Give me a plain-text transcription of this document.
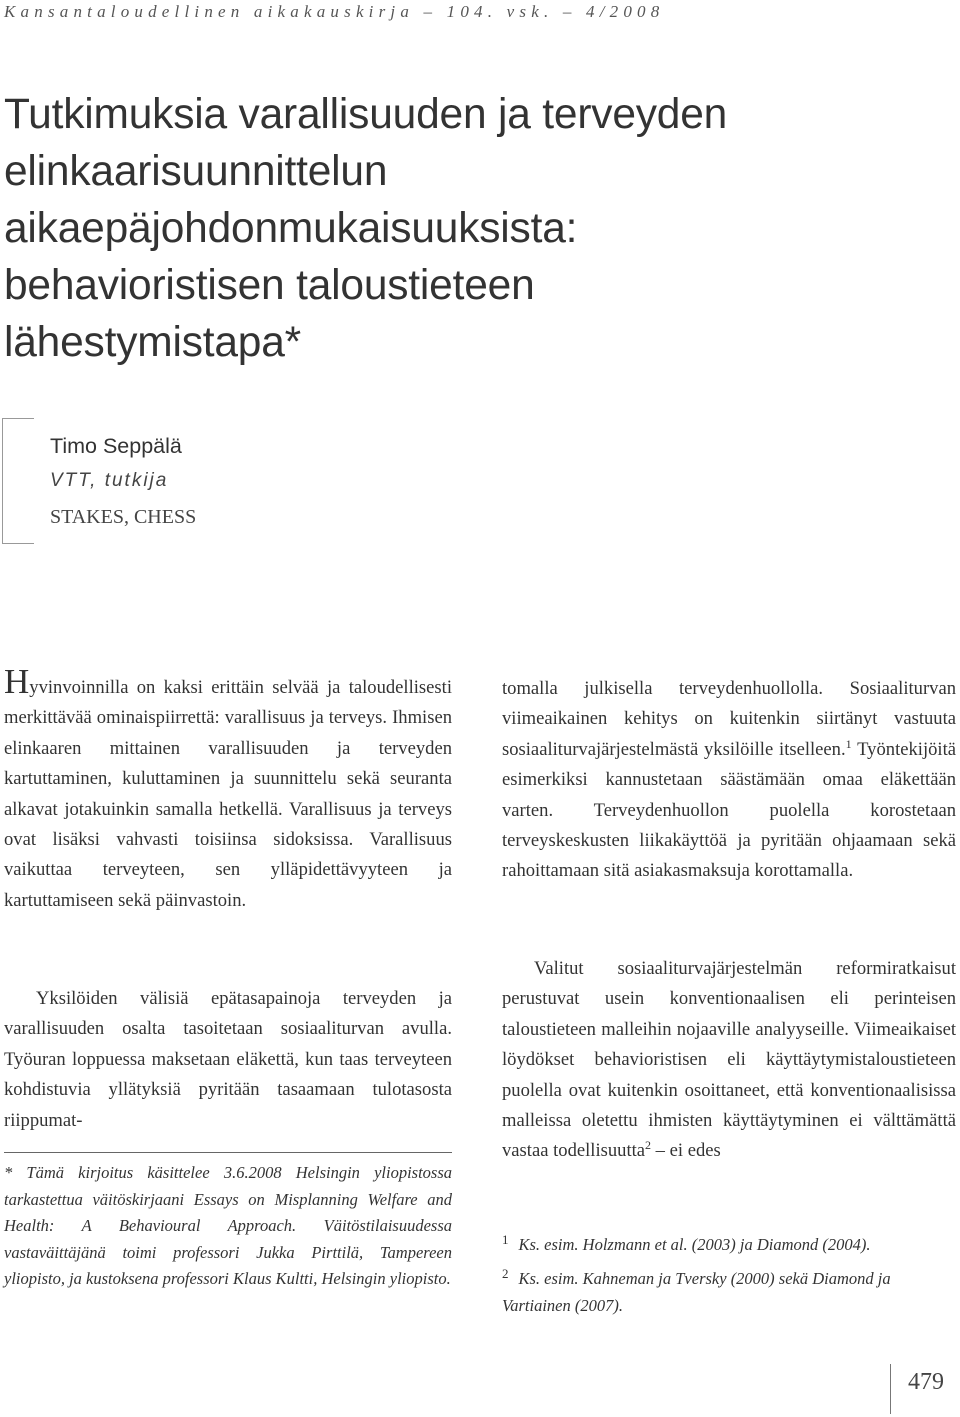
Kansantaloudellinen aikakauskirja – 104. vsk. – 4/2008
Tutkimuksia varallisuuden ja terveyden elinkaarisuunnittelun aikaepäjohdonmukaisuuksista: behavioristisen taloustieteen lähestymistapa*
Timo Seppälä
VTT, tutkija
STAKES, CHESS

Hyvinvoinnilla on kaksi erittäin selvää ja taloudellisesti merkittävää ominaispiirrettä: varallisuus ja terveys. Ihmisen elinkaaren mittainen varallisuuden ja terveyden kartuttaminen, kuluttaminen ja suunnittelu sekä seuranta alkavat jotakuinkin samalla hetkellä. Varallisuus ja terveys ovat lisäksi vahvasti toisiinsa sidoksissa. Varallisuus vaikuttaa terveyteen, sen ylläpidettävyyteen ja kartuttamiseen sekä päinvastoin.

Yksilöiden välisiä epätasapainoja terveyden ja varallisuuden osalta tasoitetaan sosiaaliturvan avulla. Työuran loppuessa maksetaan eläkettä, kun taas terveyteen kohdistuvia yllätyksiä pyritään tasaamaan tulotasosta riippumat-

* Tämä kirjoitus käsittelee 3.6.2008 Helsingin yliopistossa tarkastettua väitöskirjaani Essays on Misplanning Welfare and Health: A Behavioural Approach. Väitöstilaisuudessa vastaväittäjänä toimi professori Jukka Pirttilä, Tampereen yliopisto, ja kustoksena professori Klaus Kultti, Helsingin yliopisto.

tomalla julkisella terveydenhuollolla. Sosiaaliturvan viimeaikainen kehitys on kuitenkin siirtänyt vastuuta sosiaaliturvajärjestelmästä yksilöille itselleen.$^1$ Työntekijöitä esimerkiksi kannustetaan säästämään omaa eläkettään varten. Terveydenhuollon puolella korostetaan terveyskeskusten liikakäyttöä ja pyritään ohjaamaan sekä rahoittamaan sitä asiakasmaksuja korottamalla.

Valitut sosiaaliturvajärjestelmän reformiratkaisut perustuvat usein konventionaalisen eli perinteisen taloustieteen malleihin nojaaville analyyseille. Viimeaikaiset löydökset behavioristisen eli käyttäytymistaloustieteen puolella ovat kuitenkin osoittaneet, että konventionaalisissa malleissa oletettu ihmisten käyttäytyminen ei välttämättä vastaa todellisuutta$^2$ – ei edes

$^1$ Ks. esim. Holzmann et al. (2003) ja Diamond (2004).

$^2$ Ks. esim. Kahneman ja Tversky (2000) sekä Diamond ja Vartiainen (2007).

479
